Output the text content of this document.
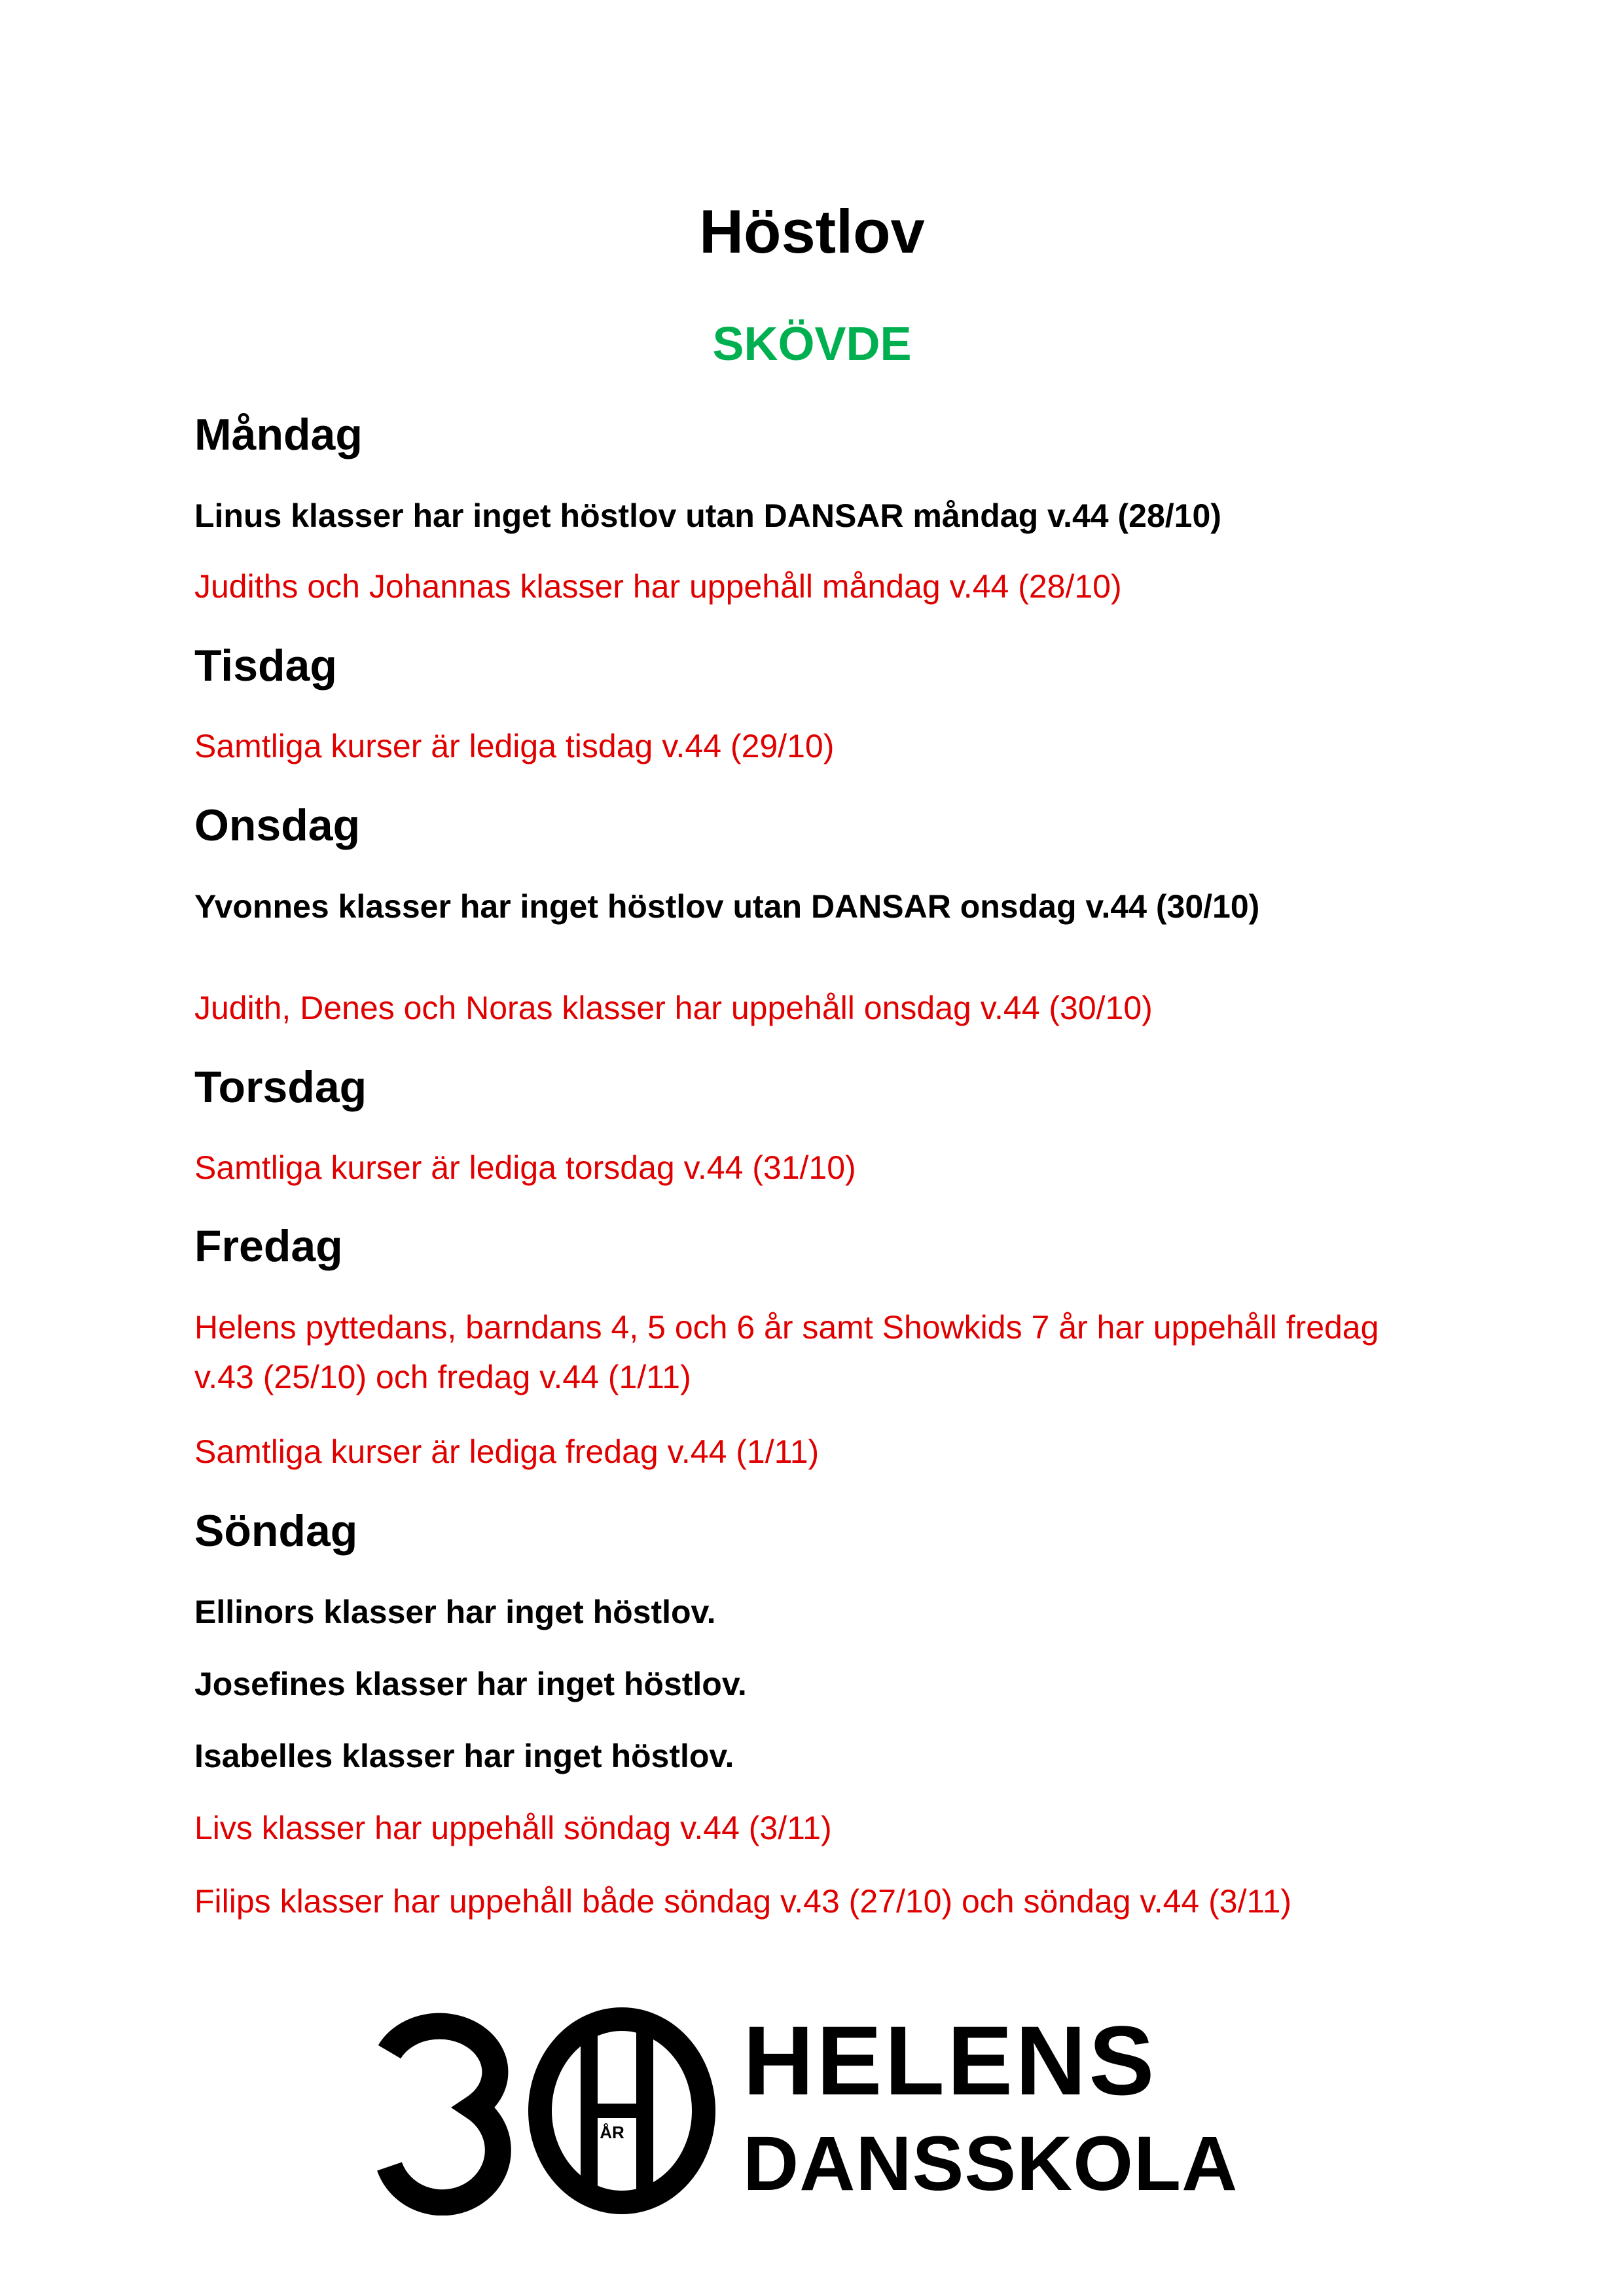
Höstlov
SKÖVDE
Måndag
Linus klasser har inget höstlov utan DANSAR måndag v.44 (28/10)
Judiths och Johannas klasser har uppehåll måndag v.44 (28/10)
Tisdag
Samtliga kurser är lediga tisdag v.44 (29/10)
Onsdag
Yvonnes klasser har inget höstlov utan DANSAR onsdag v.44 (30/10)
Judith, Denes och Noras klasser har uppehåll onsdag v.44 (30/10)
Torsdag
Samtliga kurser är lediga torsdag v.44 (31/10)
Fredag
Helens pyttedans, barndans 4, 5 och 6 år samt Showkids 7 år har uppehåll fredag v.43 (25/10) och fredag v.44 (1/11)
Samtliga kurser är lediga fredag v.44 (1/11)
Söndag
Ellinors klasser har inget höstlov.
Josefines klasser har inget höstlov.
Isabelles klasser har inget höstlov.
Livs klasser har uppehåll söndag v.44 (3/11)
Filips klasser har uppehåll både söndag v.43 (27/10) och söndag v.44 (3/11)
ÅR
HELENS
DANSSKOLA
